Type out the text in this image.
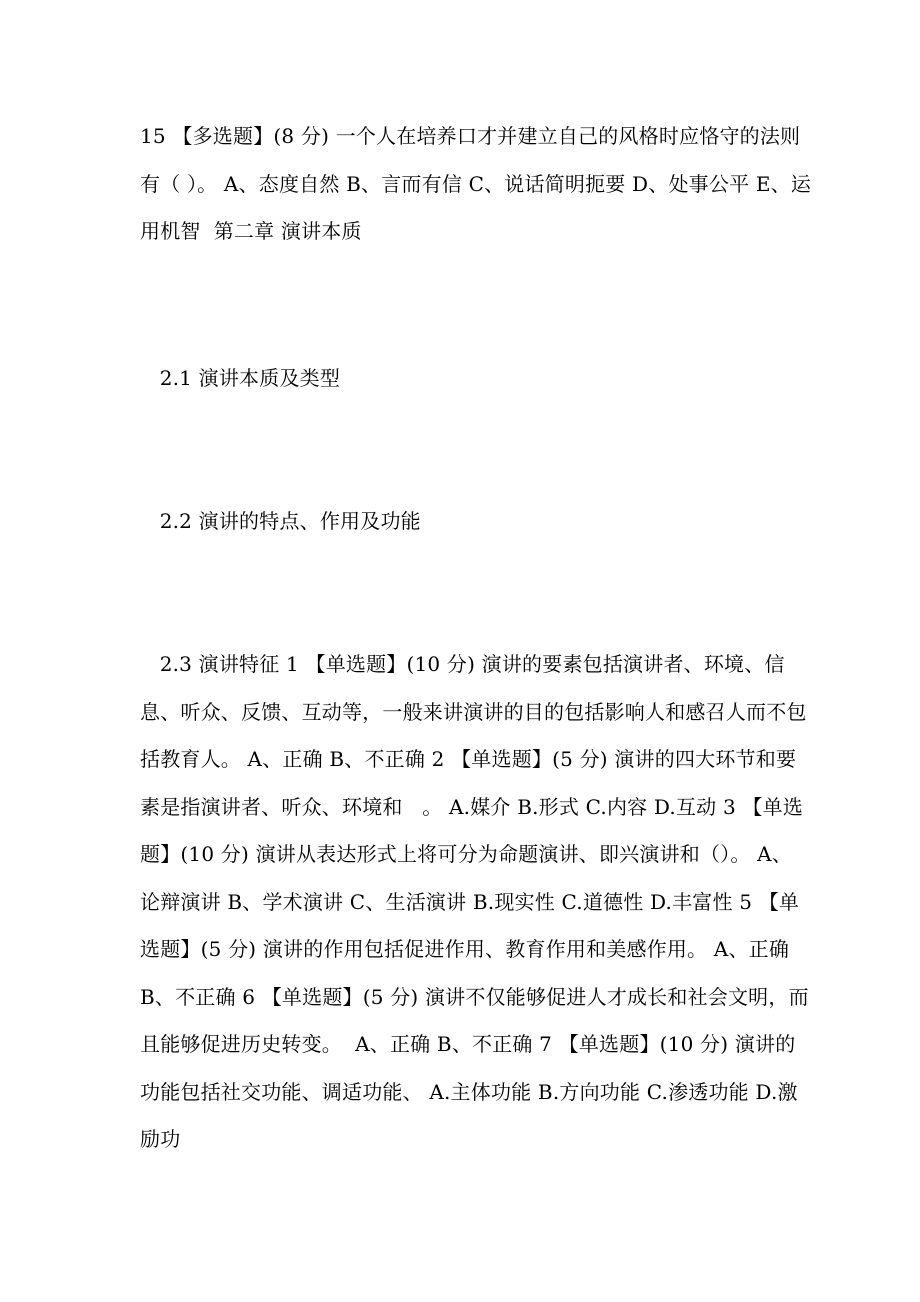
15 【多选题】(8 分) 一个人在培养口才并建立自己的风格时应恪守的法则有（ ）。 A、态度自然 B、言而有信 C、说话简明扼要 D、处事公平 E、运用机智  第二章 演讲本质
2.1 演讲本质及类型
2.2 演讲的特点、作用及功能
2.3 演讲特征 1 【单选题】(10 分) 演讲的要素包括演讲者、环境、信息、听众、反馈、互动等，一般来讲演讲的目的包括影响人和感召人而不包括教育人。 A、正确 B、不正确 2 【单选题】(5 分) 演讲的四大环节和要素是指演讲者、听众、环境和   。 A.媒介 B.形式 C.内容 D.互动 3 【单选题】(10 分) 演讲从表达形式上将可分为命题演讲、即兴演讲和（）。 A、论辩演讲 B、学术演讲 C、生活演讲 B.现实性 C.道德性 D.丰富性 5 【单选题】(5 分) 演讲的作用包括促进作用、教育作用和美感作用。 A、正确 B、不正确 6 【单选题】(5 分) 演讲不仅能够促进人才成长和社会文明，而且能够促进历史转变。  A、正确 B、不正确 7 【单选题】(10 分) 演讲的功能包括社交功能、调适功能、 A.主体功能 B.方向功能 C.渗透功能 D.激励功
